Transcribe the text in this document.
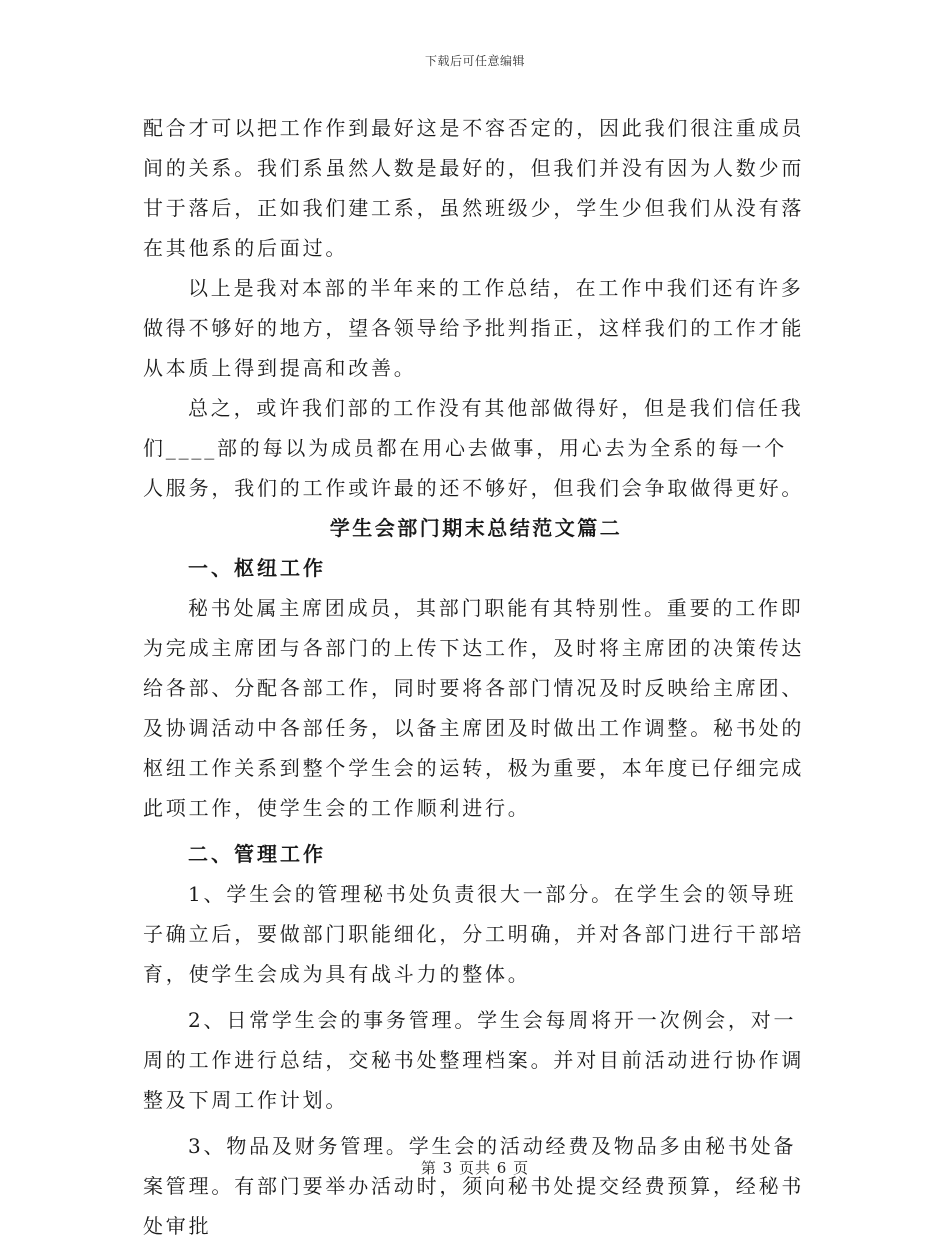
下载后可任意编辑

配合才可以把工作作到最好这是不容否定的，因此我们很注重成员间的关系。我们系虽然人数是最好的，但我们并没有因为人数少而甘于落后，正如我们建工系，虽然班级少，学生少但我们从没有落在其他系的后面过。

以上是我对本部的半年来的工作总结，在工作中我们还有许多做得不够好的地方，望各领导给予批判指正，这样我们的工作才能从本质上得到提高和改善。

总之，或许我们部的工作没有其他部做得好，但是我们信任我们____部的每以为成员都在用心去做事，用心去为全系的每一个人服务，我们的工作或许最的还不够好，但我们会争取做得更好。

学生会部门期末总结范文篇二

一、枢纽工作

秘书处属主席团成员，其部门职能有其特别性。重要的工作即为完成主席团与各部门的上传下达工作，及时将主席团的决策传达给各部、分配各部工作，同时要将各部门情况及时反映给主席团、及协调活动中各部任务，以备主席团及时做出工作调整。秘书处的枢纽工作关系到整个学生会的运转，极为重要，本年度已仔细完成此项工作，使学生会的工作顺利进行。

二、管理工作

1、学生会的管理秘书处负责很大一部分。在学生会的领导班子确立后，要做部门职能细化，分工明确，并对各部门进行干部培育，使学生会成为具有战斗力的整体。

2、日常学生会的事务管理。学生会每周将开一次例会，对一周的工作进行总结，交秘书处整理档案。并对目前活动进行协作调整及下周工作计划。

3、物品及财务管理。学生会的活动经费及物品多由秘书处备案管理。有部门要举办活动时，须向秘书处提交经费预算，经秘书处审批

第 3 页共 6 页
